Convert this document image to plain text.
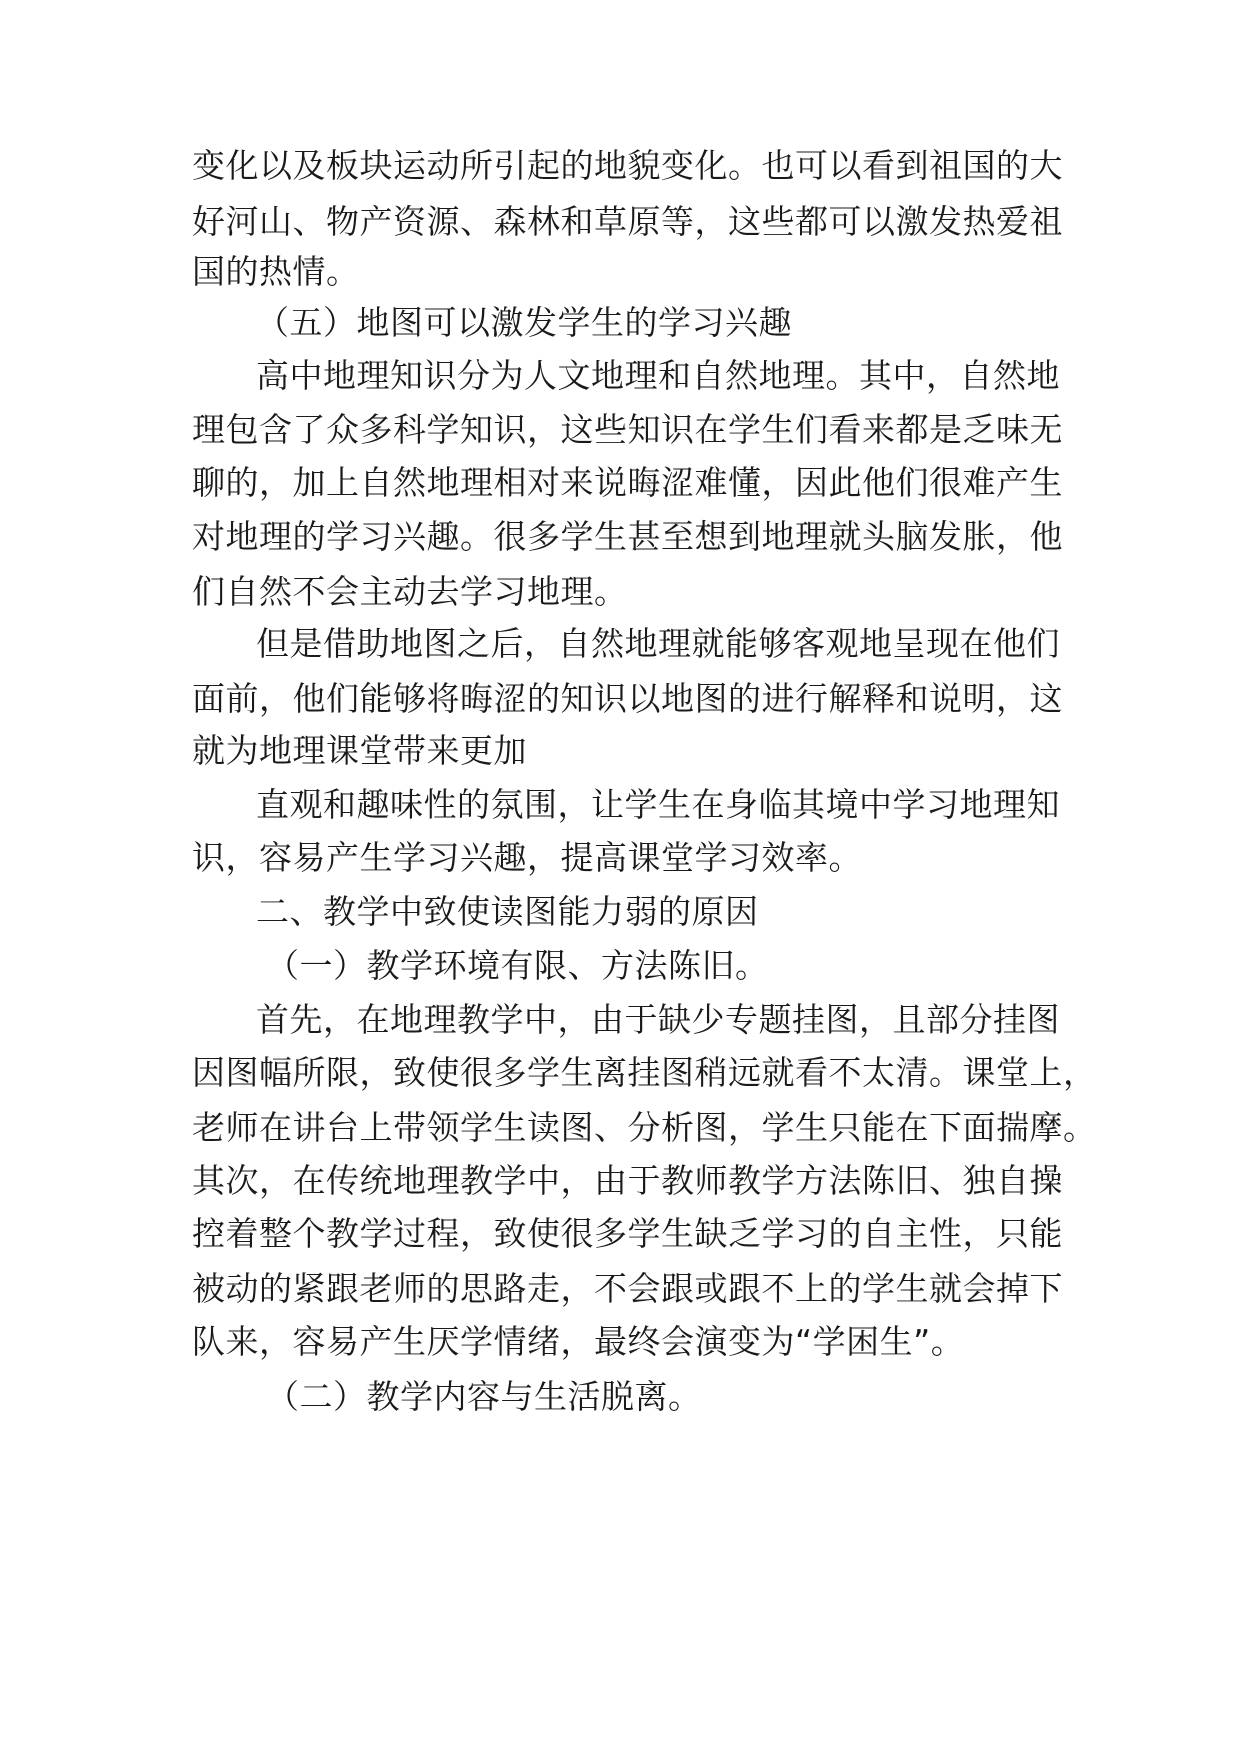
变化以及板块运动所引起的地貌变化。也可以看到祖国的大
好河山、物产资源、森林和草原等，这些都可以激发热爱祖
国的热情。
（五）地图可以激发学生的学习兴趣
高中地理知识分为人文地理和自然地理。其中，自然地
理包含了众多科学知识，这些知识在学生们看来都是乏味无
聊的，加上自然地理相对来说晦涩难懂，因此他们很难产生
对地理的学习兴趣。很多学生甚至想到地理就头脑发胀，他
们自然不会主动去学习地理。
但是借助地图之后，自然地理就能够客观地呈现在他们
面前，他们能够将晦涩的知识以地图的进行解释和说明，这
就为地理课堂带来更加
直观和趣味性的氛围，让学生在身临其境中学习地理知
识，容易产生学习兴趣，提高课堂学习效率。
二、教学中致使读图能力弱的原因
（一）教学环境有限、方法陈旧。
首先，在地理教学中，由于缺少专题挂图，且部分挂图
因图幅所限，致使很多学生离挂图稍远就看不太清。课堂上，
老师在讲台上带领学生读图、分析图，学生只能在下面揣摩。
其次，在传统地理教学中，由于教师教学方法陈旧、独自操
控着整个教学过程，致使很多学生缺乏学习的自主性，只能
被动的紧跟老师的思路走，不会跟或跟不上的学生就会掉下
队来，容易产生厌学情绪，最终会演变为“学困生”。
（二）教学内容与生活脱离。
